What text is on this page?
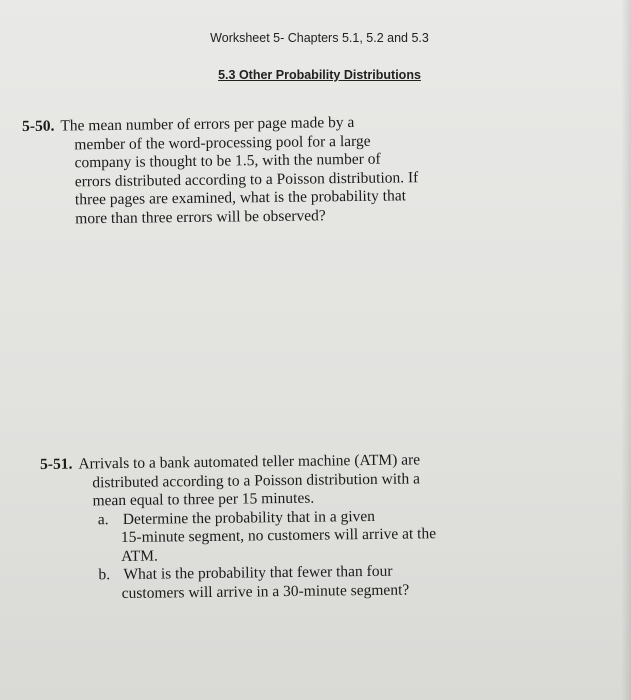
Worksheet 5- Chapters 5.1, 5.2 and 5.3
5.3 Other Probability Distributions
5-50. The mean number of errors per page made by a
member of the word-processing pool for a large
company is thought to be 1.5, with the number of
errors distributed according to a Poisson distribution. If
three pages are examined, what is the probability that
more than three errors will be observed?
5-51. Arrivals to a bank automated teller machine (ATM) are
distributed according to a Poisson distribution with a
mean equal to three per 15 minutes.
a. Determine the probability that in a given
15-minute segment, no customers will arrive at the
ATM.
b. What is the probability that fewer than four
customers will arrive in a 30-minute segment?
